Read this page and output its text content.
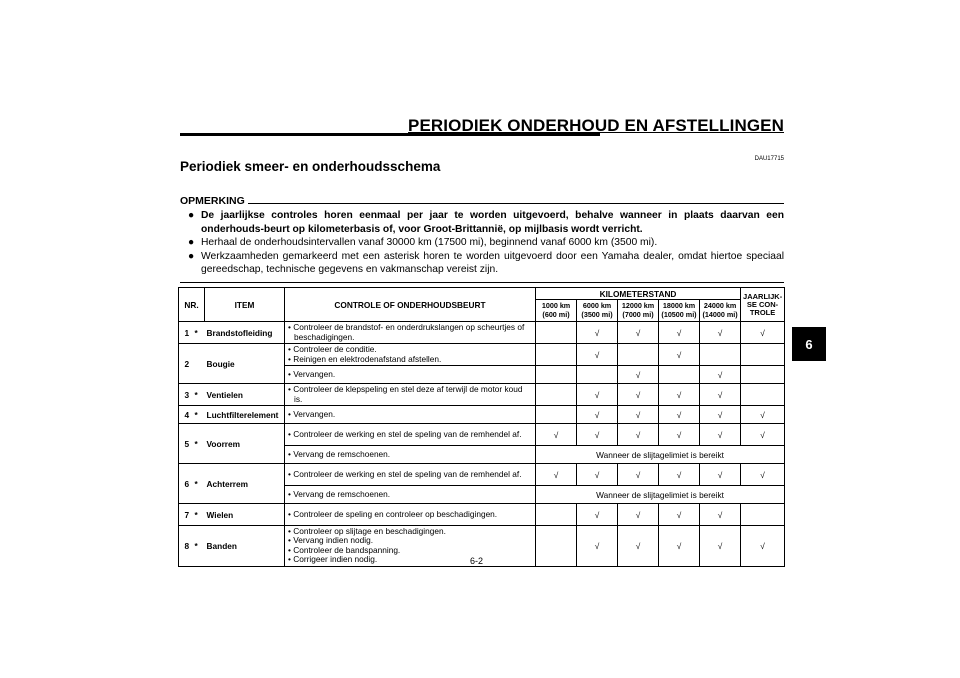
PERIODIEK ONDERHOUD EN AFSTELLINGEN
DAU17715
Periodiek smeer- en onderhoudsschema
6
OPMERKING
● De jaarlijkse controles horen eenmaal per jaar te worden uitgevoerd, behalve wanneer in plaats daarvan een onderhouds-beurt op kilometerbasis of, voor Groot-Brittannië, op mijlbasis wordt verricht.
● Herhaal de onderhoudsintervallen vanaf 30000 km (17500 mi), beginnend vanaf 6000 km (3500 mi).
● Werkzaamheden gemarkeerd met een asterisk horen te worden uitgevoerd door een Yamaha dealer, omdat hiertoe speciaal gereedschap, technische gegevens en vakmanschap vereist zijn.
NR.		ITEM	CONTROLE OF ONDERHOUDSBEURT	KILOMETERSTAND					JAARLIJK-SE CON-TROLE
				1000 km
(600 mi)	6000 km
(3500 mi)	12000 km
(7000 mi)	18000 km
(10500 mi)	24000 km
(14000 mi)	
1	*	Brandstofleiding	• Controleer de brandstof- en onderdrukslangen op scheurtjes of beschadigingen.		√	√	√	√	√
2		Bougie	• Controleer de conditie.
• Reinigen en elektrodenafstand afstellen.		√		√		

			• Vervangen.			√		√	
3	*	Ventielen	• Controleer de klepspeling en stel deze af terwijl de motor koud is.		√	√	√	√	
4	*	Luchtfilterelement	• Vervangen.		√	√	√	√	√
5	*	Voorrem	• Controleer de werking en stel de speling van de remhendel af.	√	√	√	√	√	√

			• Vervang de remschoenen.	Wanneer de slijtagelimiet is bereikt					
6	*	Achterrem	• Controleer de werking en stel de speling van de remhendel af.	√	√	√	√	√	√

			• Vervang de remschoenen.	Wanneer de slijtagelimiet is bereikt					
7	*	Wielen	• Controleer de speling en controleer op beschadigingen.		√	√	√	√	
8	*	Banden	• Controleer op slijtage en beschadigingen.
• Vervang indien nodig.
• Controleer de bandspanning.
• Corrigeer indien nodig.		√	√	√	√	√
6-2
